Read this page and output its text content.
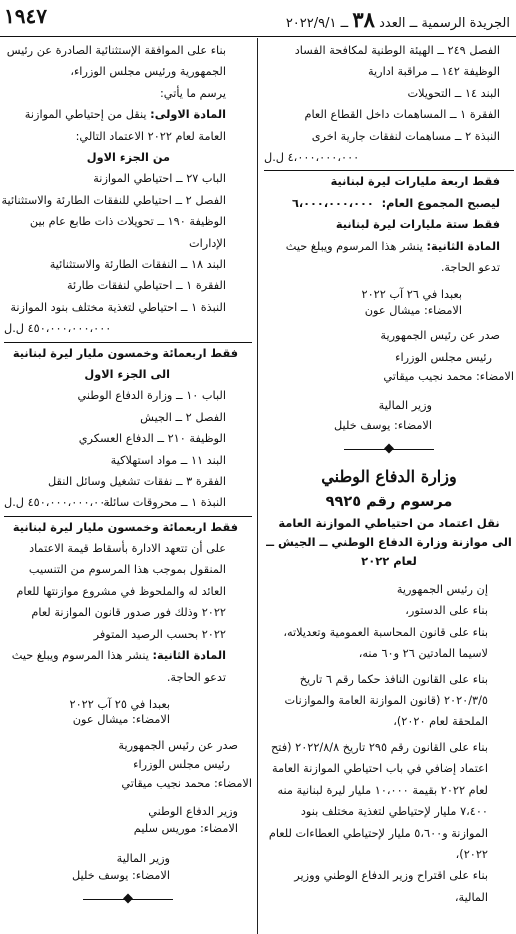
١٩٤٧	الجريدة الرسمية ــ العدد ٣٨ ــ ٢٠٢٢/٩/١
الفصل ٢٤٩ ــ الهيئة الوطنية لمكافحة الفساد
الوظيفة ١٤٢ ــ مراقبة ادارية
البند ١٤ ــ التحويلات
الفقرة ١ ــ المساهمات داخل القطاع العام
النبذة ٢ ــ مساهمات لنفقات جارية اخرى
٤،٠٠٠،٠٠٠،٠٠٠ ل.ل
فقط اربعة مليارات ليرة لبنانية
ليصبح المجموع العام:  ٦،٠٠٠،٠٠٠،٠٠٠
فقط ستة مليارات ليرة لبنانية
المادة الثانية: ينشر هذا المرسوم ويبلغ حيث تدعو الحاجة.
بعبدا في ٢٦ آب ٢٠٢٢
الامضاء: ميشال عون
صدر عن رئيس الجمهورية
رئيس مجلس الوزراء
الامضاء: محمد نجيب ميقاتي
وزير المالية
الامضاء: يوسف خليل
وزارة الدفاع الوطني
مرسوم رقم ٩٩٢٥
نقل اعتماد من احتياطي الموازنة العامة
الى موازنة وزارة الدفاع الوطني ــ الجيش ــ
لعام ٢٠٢٢
إن رئيس الجمهورية
بناء على الدستور،
بناء على قانون المحاسبة العمومية وتعديلاته، لاسيما المادتين ٢٦ و٦٠ منه،
بناء على القانون النافذ حكما رقم ٦ تاريخ ٢٠٢٠/٣/٥ (قانون الموازنة العامة والموازنات الملحقة لعام ٢٠٢٠)،
بناء على القانون رقم ٢٩٥ تاريخ ٢٠٢٢/٨/٨ (فتح اعتماد إضافي في باب احتياطي الموازنة العامة لعام ٢٠٢٢ بقيمة ١٠،٠٠٠ مليار ليرة لبنانية منه ٧،٤٠٠ مليار لإحتياطي لتغذية مختلف بنود الموازنة و٥،٦٠٠ مليار لإحتياطي العطاءات للعام ٢٠٢٢)،
بناء على اقتراح وزير الدفاع الوطني ووزير المالية،
بناء على الموافقة الإستثنائية الصادرة عن رئيس الجمهورية ورئيس مجلس الوزراء،
يرسم ما يأتي:
المادة الاولى: ينقل من إحتياطي الموازنة العامة لعام ٢٠٢٢ الاعتماد التالي:
من الجزء الاول
الباب ٢٧ ــ احتياطي الموازنة
الفصل ٢ ــ احتياطي للنفقات الطارئة والاستثنائية
الوظيفة ١٩٠ ــ تحويلات ذات طابع عام بين الإدارات
البند ١٨ ــ النفقات الطارئة والاستثنائية
الفقرة ١ ــ احتياطي لنفقات طارئة
النبذة ١ ــ احتياطي لتغذية مختلف بنود الموازنة
٤٥٠،٠٠٠،٠٠٠،٠٠٠ ل.ل
فقط اربعمائة وخمسون مليار ليرة لبنانية
الى الجزء الاول
الباب ١٠ ــ وزارة الدفاع الوطني
الفصل ٢ ــ الجيش
الوظيفة ٢١٠ ــ الدفاع العسكري
البند ١١ ــ مواد استهلاكية
الفقرة ٣ ــ نفقات تشغيل وسائل النقل
النبذة ١ ــ محروقات سائلة
٤٥٠،٠٠٠،٠٠٠،٠٠٠ ل.ل
فقط اربعمائة وخمسون مليار ليرة لبنانية
على أن تتعهد الادارة بأسقاط قيمة الاعتماد المنقول بموجب هذا المرسوم من التنسيب العائد له والملحوظ في مشروع موازنتها للعام ٢٠٢٢ وذلك فور صدور قانون الموازنة لعام ٢٠٢٢ بحسب الرصيد المتوفر
المادة الثانية: ينشر هذا المرسوم ويبلغ حيث تدعو الحاجة.
بعبدا في ٢٥ آب ٢٠٢٢
الامضاء: ميشال عون
صدر عن رئيس الجمهورية
رئيس مجلس الوزراء
الامضاء: محمد نجيب ميقاتي
وزير الدفاع الوطني
الامضاء: موريس سليم
وزير المالية
الامضاء: يوسف خليل
